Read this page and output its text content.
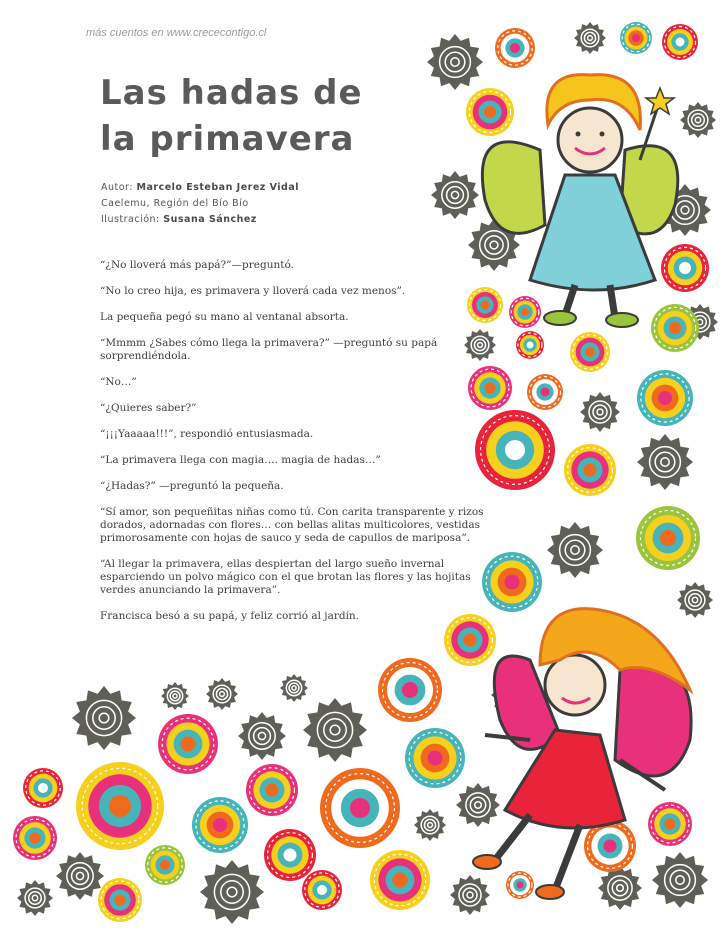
más cuentos en www.crececontigo.cl
Las hadas de
la primavera
Autor: Marcelo Esteban Jerez Vidal
Caelemu, Región del Bío Bío
Ilustración: Susana Sánchez

“¿No lloverá más papá?”—preguntó.

“No lo creo hija, es primavera y lloverá cada vez menos”.

La pequeña pegó su mano al ventanal absorta.

“Mmmm ¿Sabes cómo llega la primavera?” —preguntó su papá sorprendiéndola.

“No…”

“¿Quieres saber?”

“¡¡¡Yaaaaa!!!”, respondió entusiasmada.

“La primavera llega con magia…. magia de hadas…”

“¿Hadas?” —preguntó la pequeña.

“Sí amor, son pequeñitas niñas como tú. Con carita transparente y rizos dorados, adornadas con flores… con bellas alitas multicolores, vestidas primorosamente con hojas de sauco y seda de capullos de mariposa”.

“Al llegar la primavera, ellas despiertan del largo sueño invernal esparciendo un polvo mágico con el que brotan las flores y las hojitas verdes anunciando la primavera”.

Francisca besó a su papá, y feliz corrió al jardín.
